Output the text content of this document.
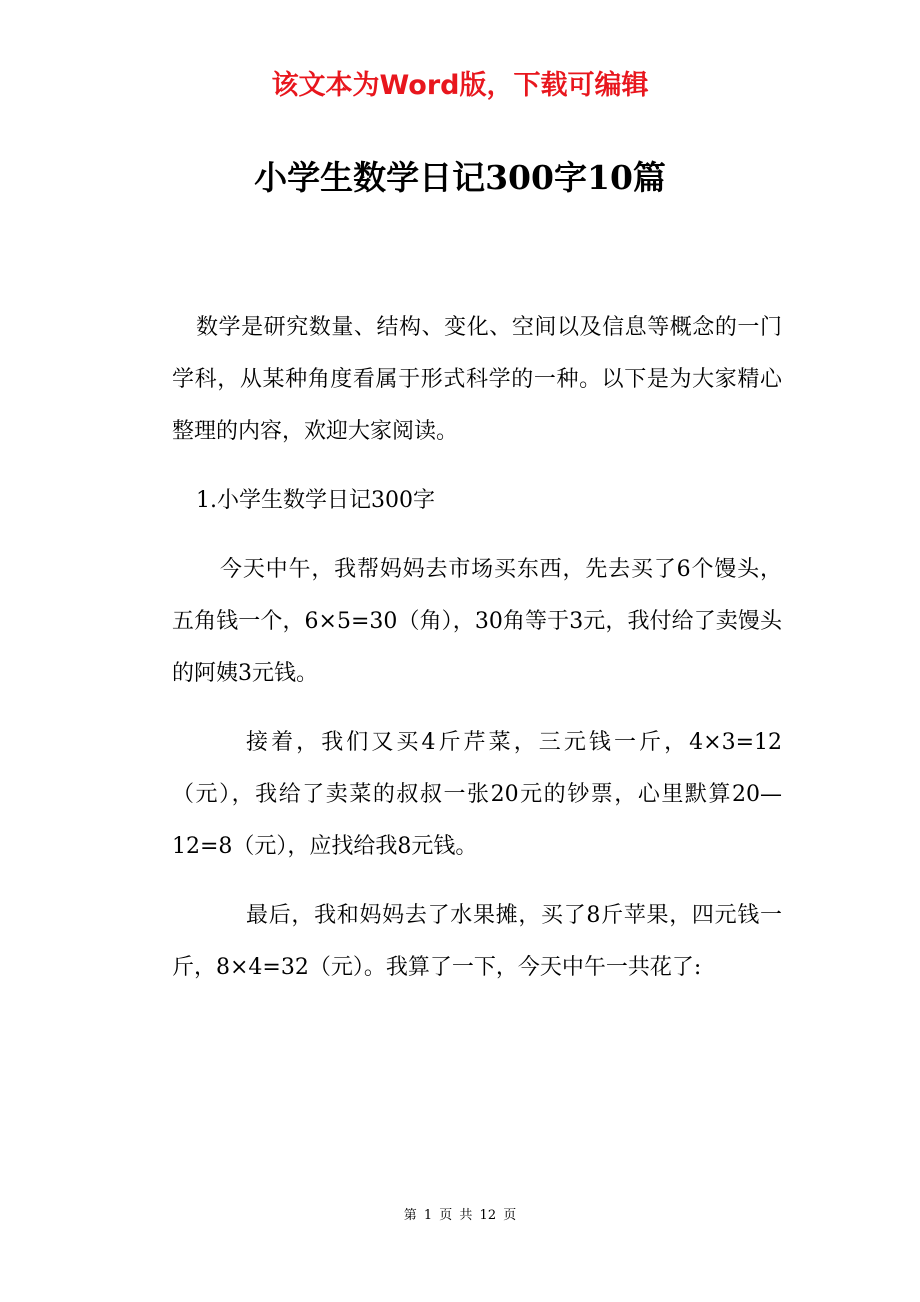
该文本为Word版，下载可编辑
小学生数学日记300字10篇

数学是研究数量、结构、变化、空间以及信息等概念的一门学科，从某种角度看属于形式科学的一种。以下是为大家精心整理的内容，欢迎大家阅读。

1.小学生数学日记300字

今天中午，我帮妈妈去市场买东西，先去买了6个馒头，五角钱一个，6×5=30（角），30角等于3元，我付给了卖馒头的阿姨3元钱。

接着，我们又买4斤芹菜，三元钱一斤，4×3=12（元），我给了卖菜的叔叔一张20元的钞票，心里默算20—12=8（元），应找给我8元钱。

最后，我和妈妈去了水果摊，买了8斤苹果，四元钱一斤，8×4=32（元）。我算了一下，今天中午一共花了:

第 1 页 共 12 页
